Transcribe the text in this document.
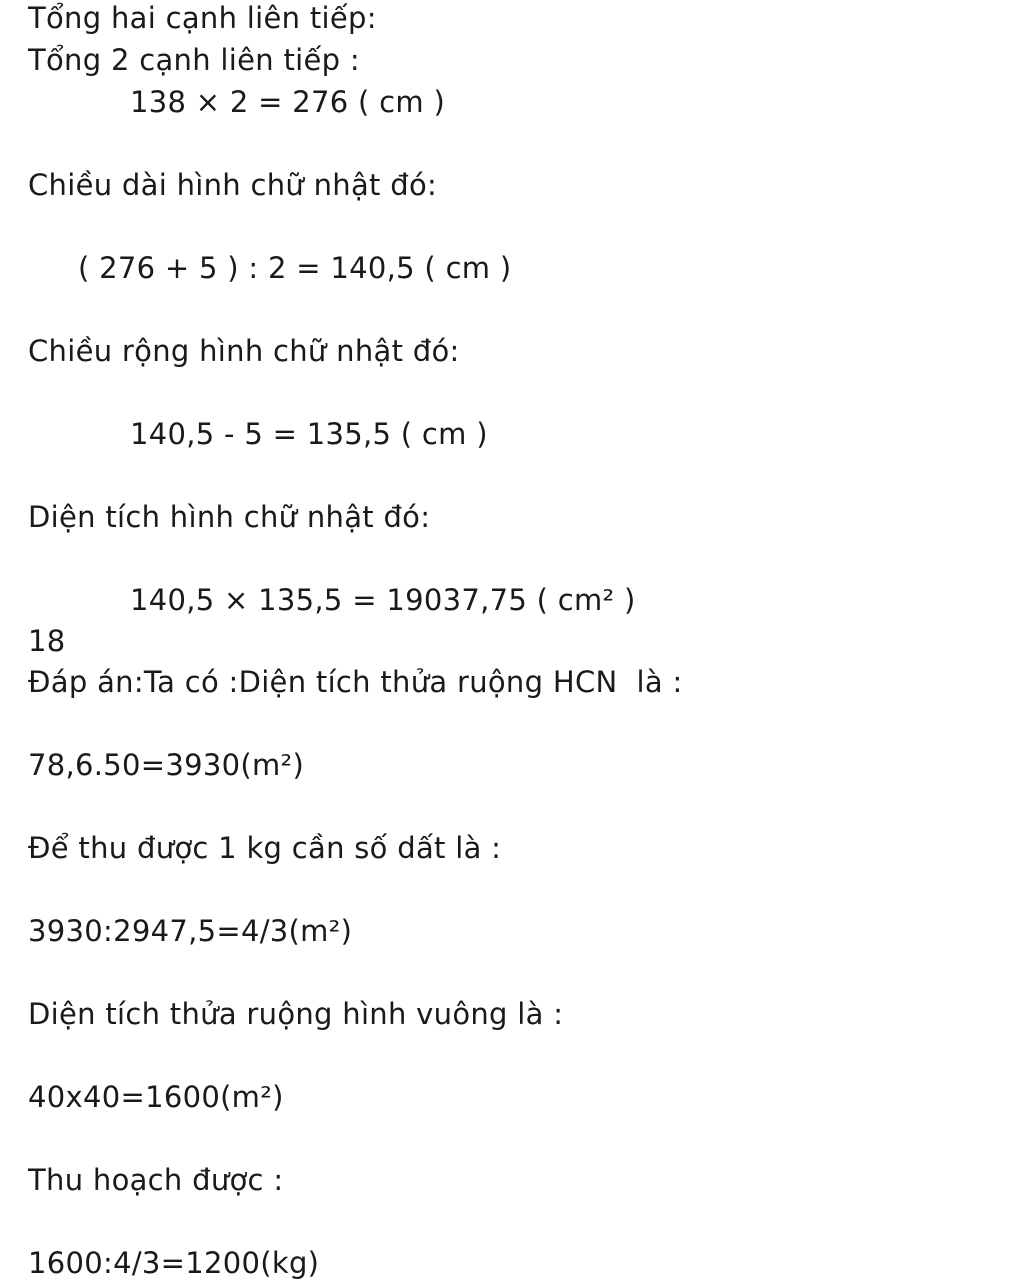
Tổng hai cạnh liên tiếp:
Tổng 2 cạnh liên tiếp :
138 × 2 = 276 ( cm )
Chiều dài hình chữ nhật đó:
( 276 + 5 ) : 2 = 140,5 ( cm )
Chiều rộng hình chữ nhật đó:
140,5 - 5 = 135,5 ( cm )
Diện tích hình chữ nhật đó:
140,5 × 135,5 = 19037,75 ( cm² )
18
Đáp án:Ta có :Diện tích thửa ruộng HCN  là :
78,6.50=3930(m²)
Để thu được 1 kg cần số dất là :
3930:2947,5=4/3(m²)
Diện tích thửa ruộng hình vuông là :
40x40=1600(m²)
Thu hoạch được :
1600:4/3=1200(kg)
